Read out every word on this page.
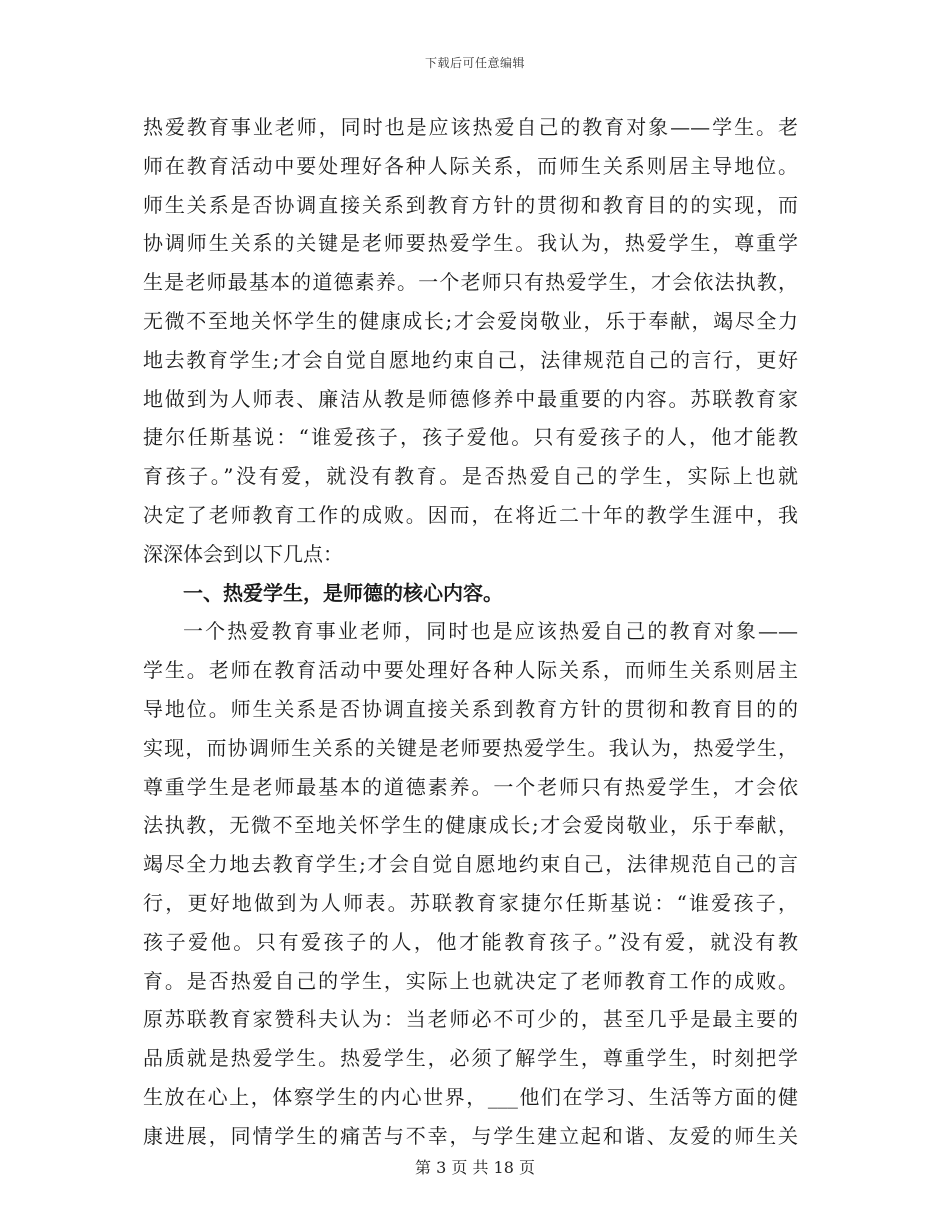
下载后可任意编辑
热爱教育事业老师，同时也是应该热爱自己的教育对象——学生。老
师在教育活动中要处理好各种人际关系，而师生关系则居主导地位。
师生关系是否协调直接关系到教育方针的贯彻和教育目的的实现，而
协调师生关系的关键是老师要热爱学生。我认为，热爱学生，尊重学
生是老师最基本的道德素养。一个老师只有热爱学生，才会依法执教，
无微不至地关怀学生的健康成长;才会爱岗敬业，乐于奉献，竭尽全力
地去教育学生;才会自觉自愿地约束自己，法律规范自己的言行，更好
地做到为人师表、廉洁从教是师德修养中最重要的内容。苏联教育家
捷尔任斯基说：“谁爱孩子，孩子爱他。只有爱孩子的人，他才能教
育孩子。”没有爱，就没有教育。是否热爱自己的学生，实际上也就
决定了老师教育工作的成败。因而，在将近二十年的教学生涯中，我
深深体会到以下几点：
一、热爱学生，是师德的核心内容。
一个热爱教育事业老师，同时也是应该热爱自己的教育对象——
学生。老师在教育活动中要处理好各种人际关系，而师生关系则居主
导地位。师生关系是否协调直接关系到教育方针的贯彻和教育目的的
实现，而协调师生关系的关键是老师要热爱学生。我认为，热爱学生，
尊重学生是老师最基本的道德素养。一个老师只有热爱学生，才会依
法执教，无微不至地关怀学生的健康成长;才会爱岗敬业，乐于奉献，
竭尽全力地去教育学生;才会自觉自愿地约束自己，法律规范自己的言
行，更好地做到为人师表。苏联教育家捷尔任斯基说：“谁爱孩子，
孩子爱他。只有爱孩子的人，他才能教育孩子。”没有爱，就没有教
育。是否热爱自己的学生，实际上也就决定了老师教育工作的成败。
原苏联教育家赞科夫认为：当老师必不可少的，甚至几乎是最主要的
品质就是热爱学生。热爱学生，必须了解学生，尊重学生，时刻把学
生放在心上，体察学生的内心世界，___他们在学习、生活等方面的健
康进展，同情学生的痛苦与不幸，与学生建立起和谐、友爱的师生关
第 3 页 共 18 页
